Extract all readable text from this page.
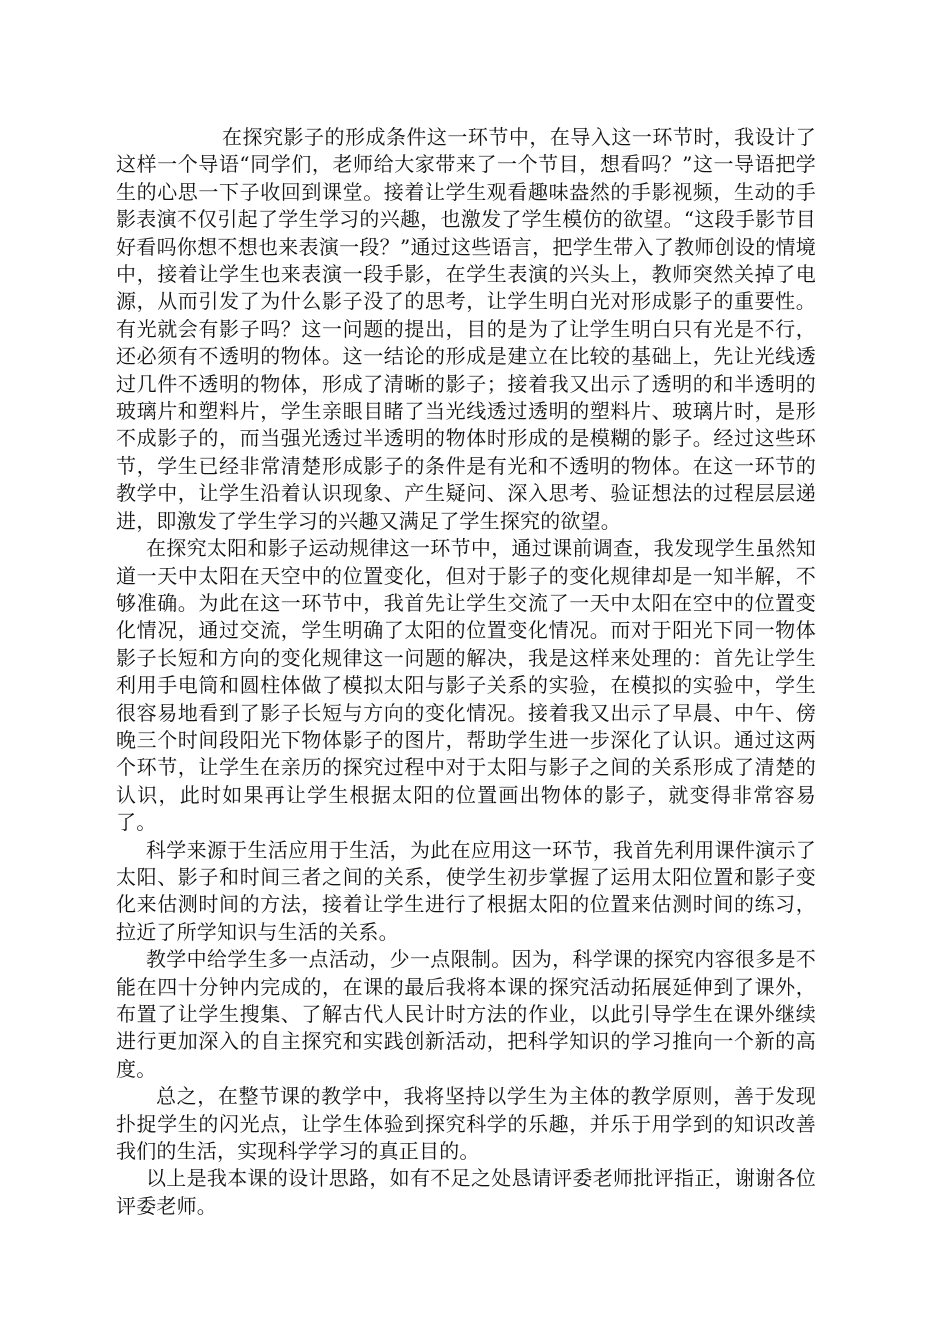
在探究影子的形成条件这一环节中，在导入这一环节时，我设计了这样一个导语“同学们，老师给大家带来了一个节目，想看吗？”这一导语把学生的心思一下子收回到课堂。接着让学生观看趣味盎然的手影视频，生动的手影表演不仅引起了学生学习的兴趣，也激发了学生模仿的欲望。“这段手影节目好看吗你想不想也来表演一段？”通过这些语言，把学生带入了教师创设的情境中，接着让学生也来表演一段手影，在学生表演的兴头上，教师突然关掉了电源，从而引发了为什么影子没了的思考，让学生明白光对形成影子的重要性。有光就会有影子吗？这一问题的提出，目的是为了让学生明白只有光是不行，还必须有不透明的物体。这一结论的形成是建立在比较的基础上，先让光线透过几件不透明的物体，形成了清晰的影子；接着我又出示了透明的和半透明的玻璃片和塑料片，学生亲眼目睹了当光线透过透明的塑料片、玻璃片时，是形不成影子的，而当强光透过半透明的物体时形成的是模糊的影子。经过这些环节，学生已经非常清楚形成影子的条件是有光和不透明的物体。在这一环节的教学中，让学生沿着认识现象、产生疑问、深入思考、验证想法的过程层层递进，即激发了学生学习的兴趣又满足了学生探究的欲望。

在探究太阳和影子运动规律这一环节中，通过课前调查，我发现学生虽然知道一天中太阳在天空中的位置变化，但对于影子的变化规律却是一知半解，不够准确。为此在这一环节中，我首先让学生交流了一天中太阳在空中的位置变化情况，通过交流，学生明确了太阳的位置变化情况。而对于阳光下同一物体影子长短和方向的变化规律这一问题的解决，我是这样来处理的：首先让学生利用手电筒和圆柱体做了模拟太阳与影子关系的实验，在模拟的实验中，学生很容易地看到了影子长短与方向的变化情况。接着我又出示了早晨、中午、傍晚三个时间段阳光下物体影子的图片，帮助学生进一步深化了认识。通过这两个环节，让学生在亲历的探究过程中对于太阳与影子之间的关系形成了清楚的认识，此时如果再让学生根据太阳的位置画出物体的影子，就变得非常容易了。

科学来源于生活应用于生活，为此在应用这一环节，我首先利用课件演示了太阳、影子和时间三者之间的关系，使学生初步掌握了运用太阳位置和影子变化来估测时间的方法，接着让学生进行了根据太阳的位置来估测时间的练习，拉近了所学知识与生活的关系。

教学中给学生多一点活动，少一点限制。因为，科学课的探究内容很多是不能在四十分钟内完成的，在课的最后我将本课的探究活动拓展延伸到了课外，布置了让学生搜集、了解古代人民计时方法的作业，以此引导学生在课外继续进行更加深入的自主探究和实践创新活动，把科学知识的学习推向一个新的高度。

总之，在整节课的教学中，我将坚持以学生为主体的教学原则，善于发现扑捉学生的闪光点，让学生体验到探究科学的乐趣，并乐于用学到的知识改善我们的生活，实现科学学习的真正目的。

以上是我本课的设计思路，如有不足之处恳请评委老师批评指正，谢谢各位评委老师。
